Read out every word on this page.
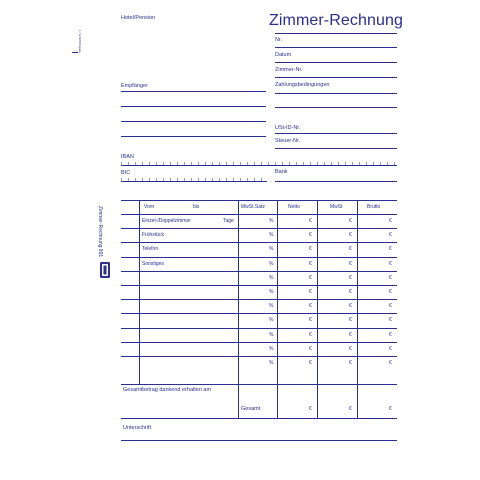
Hotel/Pension	Zimmer-Rechnung
Nr.
Datum
Zimmer-Nr.
Empfänger	Zahlungsbedingungen
USt-ID-Nr.
Steuer-Nr.
IBAN
BIC	Bank
1. Schrift/Angabe
Zimmer-Rechnung 891	Vom	bis	MwSt.Satz	Netto	MwSt	Brutto
Einzel-/Doppelzimmer	Tage	%	€	€	€
Frühstück	%	€	€	€
Telefon	%	€	€	€
Sonstiges	%	€	€	€
%	€	€	€
%	€	€	€
%	€	€	€
%	€	€	€
%	€	€	€
%	€	€	€
%	€	€	€
Gesamtbetrag dankend erhalten am
Gesamt	€	€	€
Unterschrift
